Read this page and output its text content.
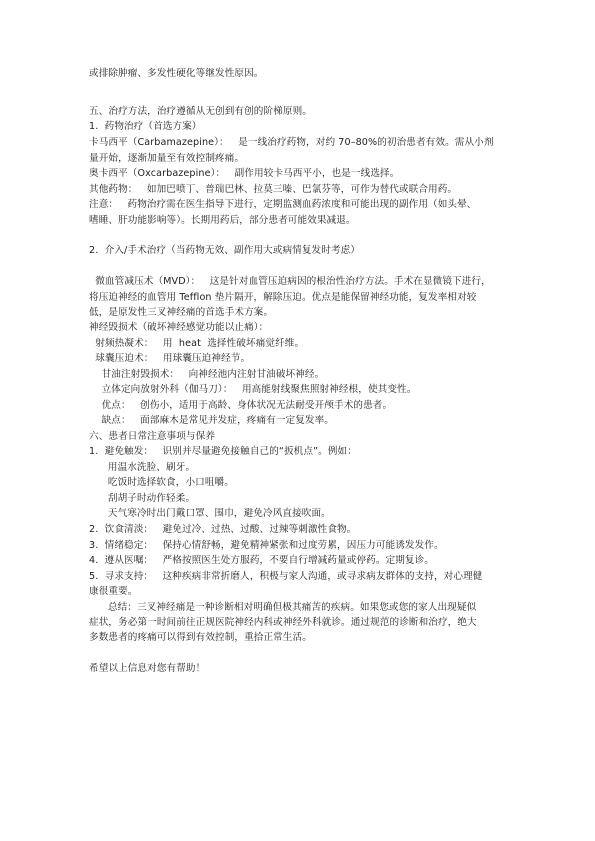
或排除肿瘤、多发性硬化等继发性原因。
五、治疗方法，治疗遵循从无创到有创的阶梯原则。
1.  药物治疗（首选方案）
卡马西平（Carbamazepine）：   是一线治疗药物，对约 70–80%的初治患者有效。需从小剂
量开始，逐渐加量至有效控制疼痛。
奥卡西平（Oxcarbazepine）：   副作用较卡马西平小，也是一线选择。
其他药物：   如加巴喷丁、普瑞巴林、拉莫三嗪、巴氯芬等，可作为替代或联合用药。
注意：   药物治疗需在医生指导下进行，定期监测血药浓度和可能出现的副作用（如头晕、
嗜睡、肝功能影响等）。长期用药后，部分患者可能效果减退。
2.  介入/手术治疗（当药物无效、副作用大或病情复发时考虑）
微血管减压术（MVD）：   这是针对血管压迫病因的根治性治疗方法。手术在显微镜下进行，
将压迫神经的血管用 Tefflon 垫片隔开，解除压迫。优点是能保留神经功能，复发率相对较
低，是原发性三叉神经痛的首选手术方案。
神经毁损术（破坏神经感觉功能以止痛）：
射频热凝术：   用  heat  选择性破坏痛觉纤维。
球囊压迫术：   用球囊压迫神经节。
甘油注射毁损术：   向神经池内注射甘油破坏神经。
立体定向放射外科（伽马刀）：   用高能射线聚焦照射神经根，使其变性。
优点：   创伤小，适用于高龄、身体状况无法耐受开颅手术的患者。
缺点：   面部麻木是常见并发症，疼痛有一定复发率。
六、患者日常注意事项与保养
1.  避免触发：   识别并尽量避免接触自己的“扳机点”。例如：
用温水洗脸、刷牙。
吃饭时选择软食，小口咀嚼。
刮胡子时动作轻柔。
天气寒冷时出门戴口罩、围巾，避免冷风直接吹面。
2.  饮食清淡：   避免过冷、过热、过酸、过辣等刺激性食物。
3.  情绪稳定：   保持心情舒畅，避免精神紧张和过度劳累，因压力可能诱发发作。
4.  遵从医嘱：   严格按照医生处方服药，不要自行增减药量或停药。定期复诊。
5.  寻求支持：   这种疾病非常折磨人，积极与家人沟通，或寻求病友群体的支持，对心理健
康很重要。
总结：三叉神经痛是一种诊断相对明确但极其痛苦的疾病。如果您或您的家人出现疑似
症状，务必第一时间前往正规医院神经内科或神经外科就诊。通过规范的诊断和治疗，绝大
多数患者的疼痛可以得到有效控制，重拾正常生活。
希望以上信息对您有帮助！
